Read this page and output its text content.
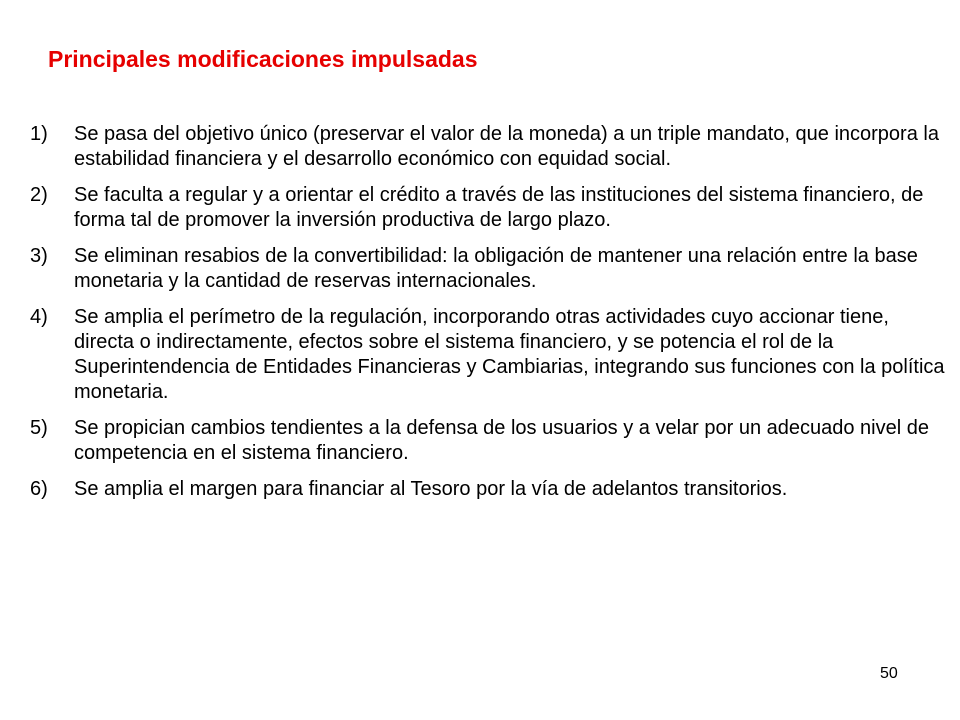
Principales modificaciones impulsadas
1) Se pasa del objetivo único (preservar el valor de la moneda) a un triple mandato, que incorpora la estabilidad financiera y el desarrollo económico con equidad social.
2) Se faculta a regular y a orientar el crédito a través de las instituciones del sistema financiero, de forma tal de promover la inversión productiva de largo plazo.
3) Se eliminan resabios de la convertibilidad: la obligación de mantener una relación entre la base monetaria y la cantidad de reservas internacionales.
4) Se amplia el perímetro de la regulación, incorporando otras actividades cuyo accionar tiene, directa o indirectamente, efectos sobre el sistema financiero, y se potencia el rol de la Superintendencia de Entidades Financieras y Cambiarias, integrando sus funciones con la política monetaria.
5) Se propician cambios tendientes a la defensa de los usuarios y a velar por un adecuado nivel de competencia en el sistema financiero.
6) Se amplia el margen para financiar al Tesoro por la vía de adelantos transitorios.
50
